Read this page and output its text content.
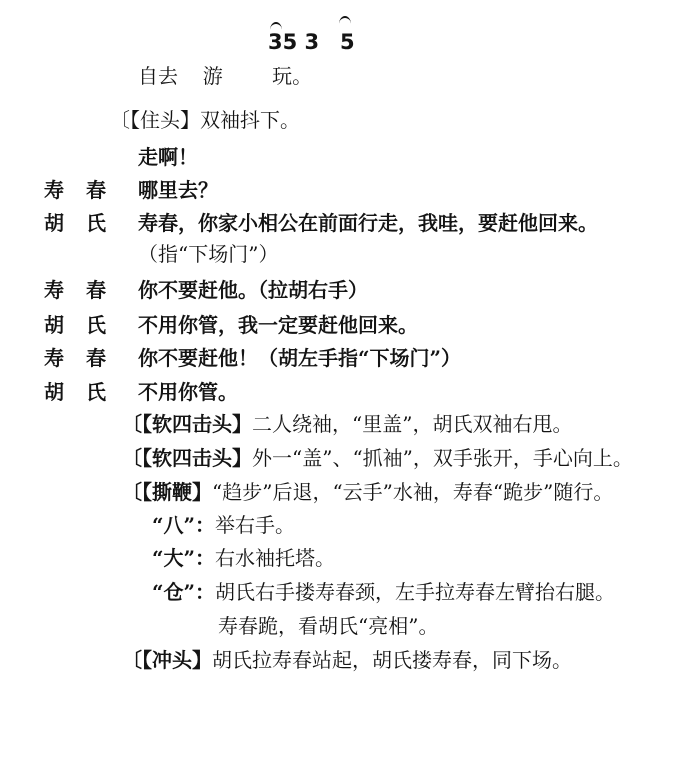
35 3 5
自去  游    玩。
〔【住头】双袖抖下。
走啊！
寿 春 哪里去？
胡 氏 寿春，你家小相公在前面行走，我哇，要赶他回来。
（指“下场门”）
寿 春 你不要赶他。（拉胡右手）
胡 氏 不用你管，我一定要赶他回来。
寿 春 你不要赶他！（胡左手指“下场门”）
胡 氏 不用你管。
〔【软四击头】二人绕袖，“里盖”，胡氏双袖右甩。
〔【软四击头】外一“盖”、“抓袖”，双手张开，手心向上。
〔【撕鞭】“趋步”后退，“云手”水袖，寿春“跪步”随行。
“八”：举右手。
“大”：右水袖托塔。
“仓”：胡氏右手搂寿春颈，左手拉寿春左臂抬右腿。
寿春跪，看胡氏“亮相”。
〔【冲头】胡氏拉寿春站起，胡氏搂寿春，同下场。
